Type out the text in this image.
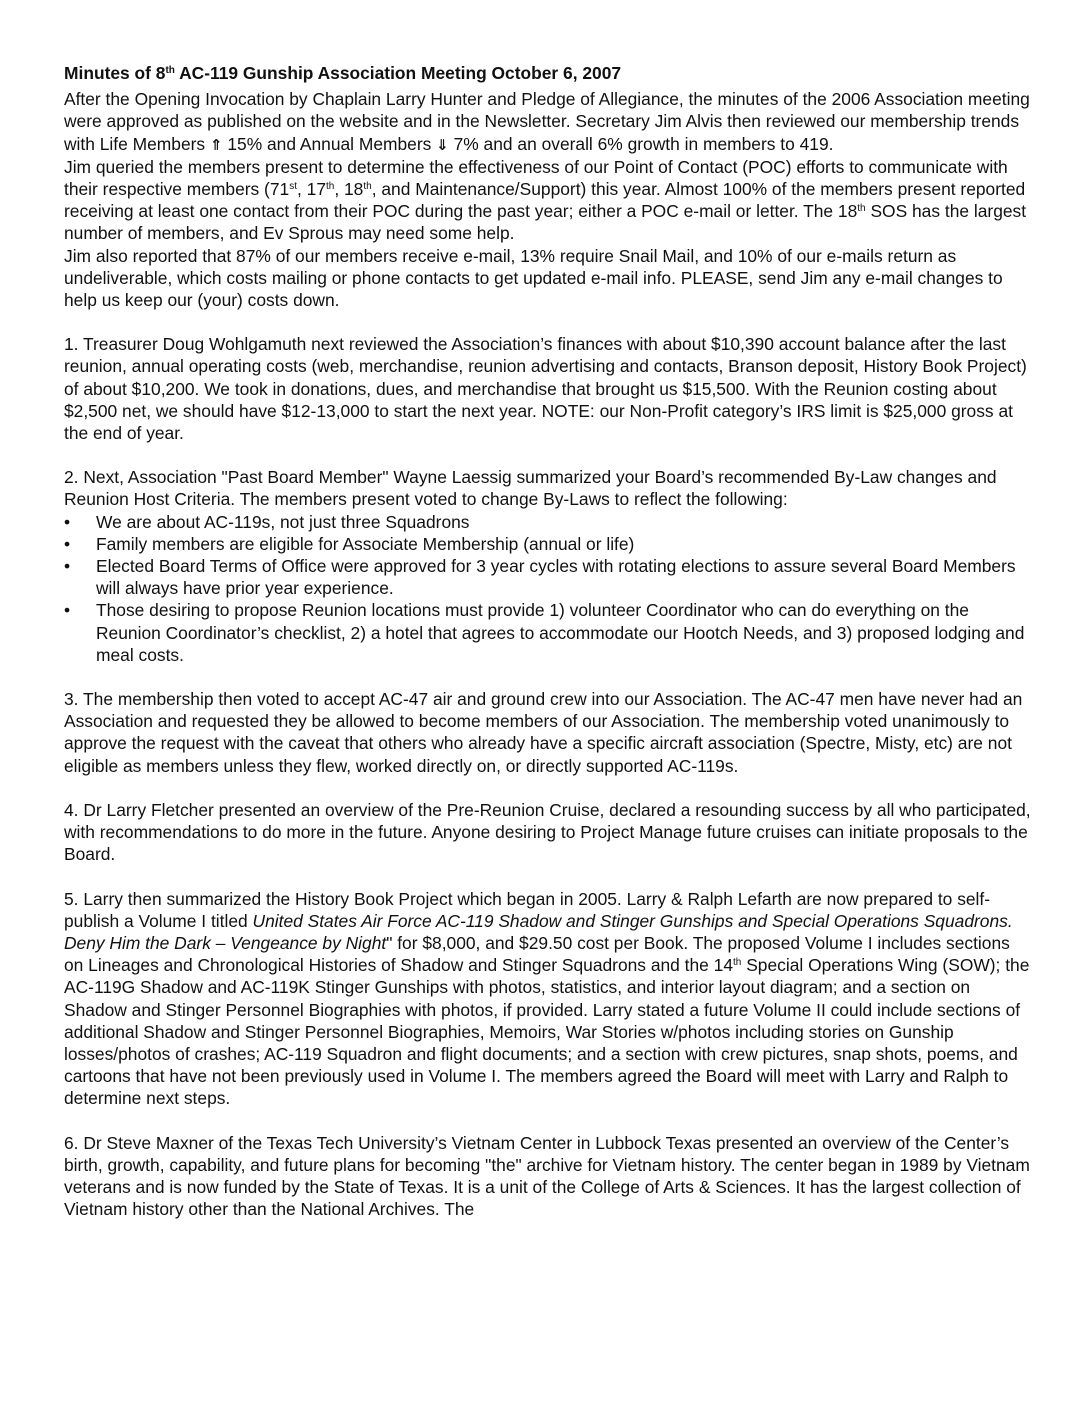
Minutes of 8th AC-119 Gunship Association Meeting October 6, 2007

After the Opening Invocation by Chaplain Larry Hunter and Pledge of Allegiance, the minutes of the 2006 Association meeting were approved as published on the website and in the Newsletter. Secretary Jim Alvis then reviewed our membership trends with Life Members ⇑ 15% and Annual Members ⇓ 7% and an overall 6% growth in members to 419.

Jim queried the members present to determine the effectiveness of our Point of Contact (POC) efforts to communicate with their respective members (71st, 17th, 18th, and Maintenance/Support) this year. Almost 100% of the members present reported receiving at least one contact from their POC during the past year; either a POC e-mail or letter. The 18th SOS has the largest number of members, and Ev Sprous may need some help.

Jim also reported that 87% of our members receive e-mail, 13% require Snail Mail, and 10% of our e-mails return as undeliverable, which costs mailing or phone contacts to get updated e-mail info. PLEASE, send Jim any e-mail changes to help us keep our (your) costs down.

1. Treasurer Doug Wohlgamuth next reviewed the Association’s finances with about $10,390 account balance after the last reunion, annual operating costs (web, merchandise, reunion advertising and contacts, Branson deposit, History Book Project) of about $10,200. We took in donations, dues, and merchandise that brought us $15,500. With the Reunion costing about $2,500 net, we should have $12-13,000 to start the next year. NOTE: our Non-Profit category’s IRS limit is $25,000 gross at the end of year.

2. Next, Association "Past Board Member" Wayne Laessig summarized your Board’s recommended By-Law changes and Reunion Host Criteria. The members present voted to change By-Laws to reflect the following:

• We are about AC-119s, not just three Squadrons
• Family members are eligible for Associate Membership (annual or life)
• Elected Board Terms of Office were approved for 3 year cycles with rotating elections to assure several Board Members will always have prior year experience.
• Those desiring to propose Reunion locations must provide 1) volunteer Coordinator who can do everything on the Reunion Coordinator’s checklist, 2) a hotel that agrees to accommodate our Hootch Needs, and 3) proposed lodging and meal costs.

3. The membership then voted to accept AC-47 air and ground crew into our Association. The AC-47 men have never had an Association and requested they be allowed to become members of our Association. The membership voted unanimously to approve the request with the caveat that others who already have a specific aircraft association (Spectre, Misty, etc) are not eligible as members unless they flew, worked directly on, or directly supported AC-119s.

4. Dr Larry Fletcher presented an overview of the Pre-Reunion Cruise, declared a resounding success by all who participated, with recommendations to do more in the future. Anyone desiring to Project Manage future cruises can initiate proposals to the Board.

5. Larry then summarized the History Book Project which began in 2005. Larry & Ralph Lefarth are now prepared to self-publish a Volume I titled United States Air Force AC-119 Shadow and Stinger Gunships and Special Operations Squadrons. Deny Him the Dark – Vengeance by Night" for $8,000, and $29.50 cost per Book. The proposed Volume I includes sections on Lineages and Chronological Histories of Shadow and Stinger Squadrons and the 14th Special Operations Wing (SOW); the AC-119G Shadow and AC-119K Stinger Gunships with photos, statistics, and interior layout diagram; and a section on Shadow and Stinger Personnel Biographies with photos, if provided. Larry stated a future Volume II could include sections of additional Shadow and Stinger Personnel Biographies, Memoirs, War Stories w/photos including stories on Gunship losses/photos of crashes; AC-119 Squadron and flight documents; and a section with crew pictures, snap shots, poems, and cartoons that have not been previously used in Volume I. The members agreed the Board will meet with Larry and Ralph to determine next steps.

6. Dr Steve Maxner of the Texas Tech University’s Vietnam Center in Lubbock Texas presented an overview of the Center’s birth, growth, capability, and future plans for becoming "the" archive for Vietnam history. The center began in 1989 by Vietnam veterans and is now funded by the State of Texas. It is a unit of the College of Arts & Sciences. It has the largest collection of Vietnam history other than the National Archives. The
